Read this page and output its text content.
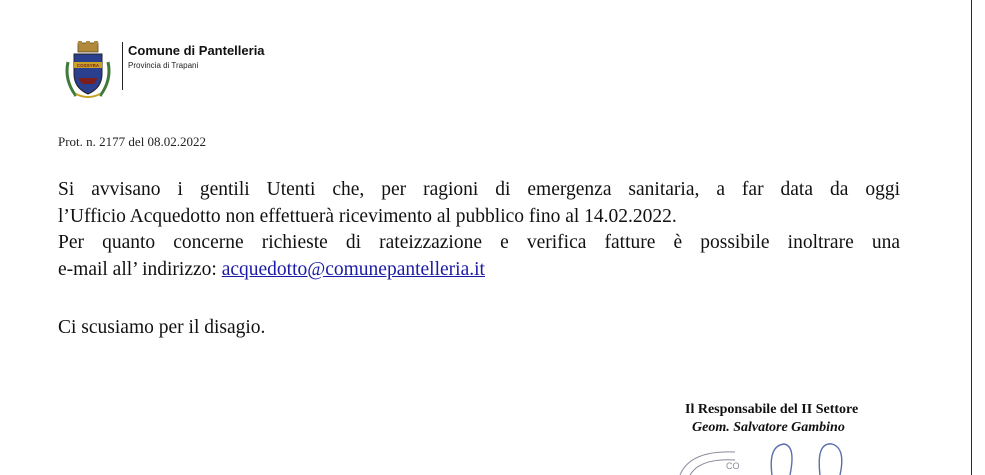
COSSYRA
Comune di Pantelleria
Provincia di Trapani
Prot. n. 2177 del 08.02.2022
Si avvisano i gentili Utenti che, per ragioni di emergenza sanitaria, a far data da oggi
l’Ufficio Acquedotto non effettuerà ricevimento al pubblico fino al 14.02.2022.
Per quanto concerne richieste di rateizzazione e verifica fatture è possibile inoltrare una
e-mail all’ indirizzo: acquedotto@comunepantelleria.it
Ci scusiamo per il disagio.
Il Responsabile del II Settore
Geom. Salvatore Gambino
CO
